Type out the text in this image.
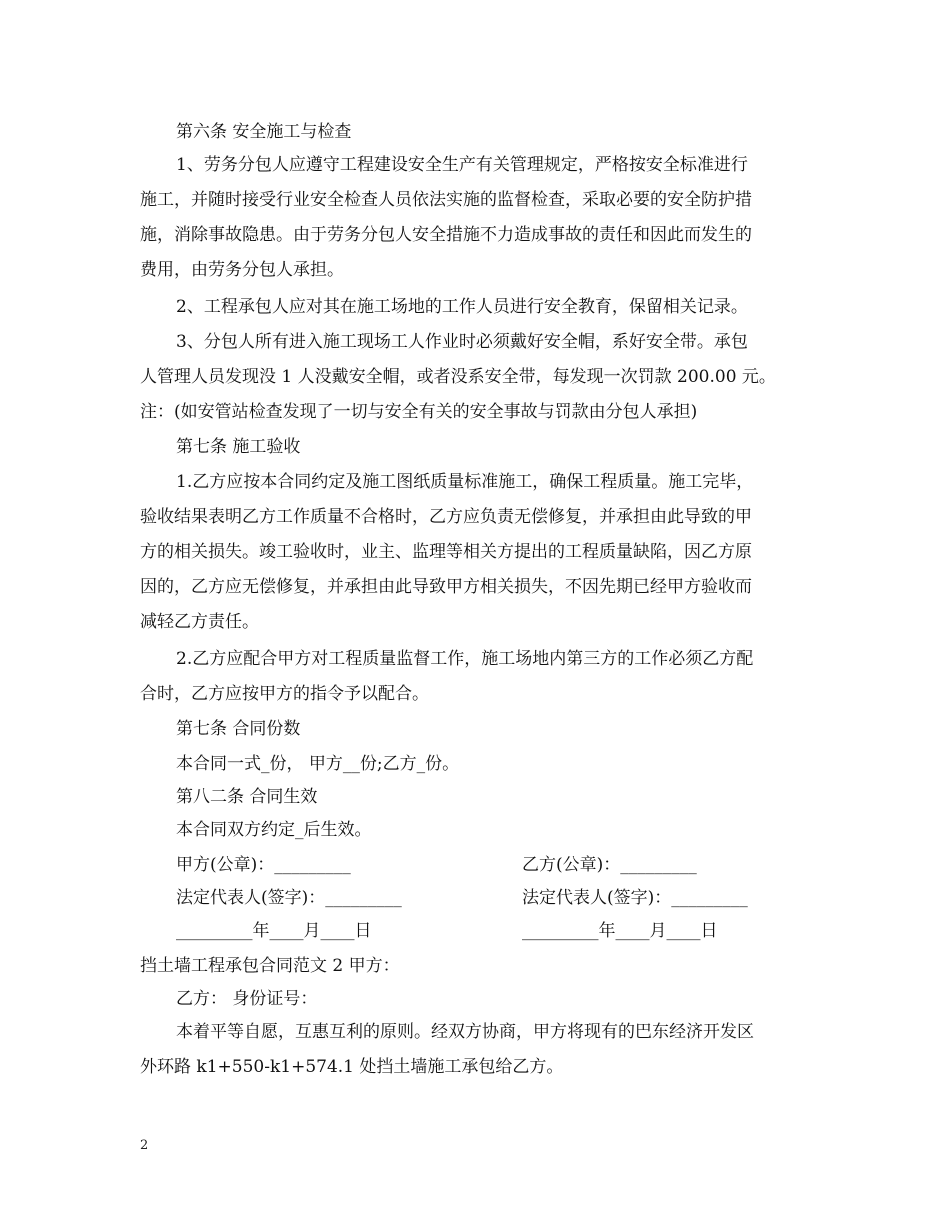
第六条 安全施工与检查
1、劳务分包人应遵守工程建设安全生产有关管理规定，严格按安全标准进行
施工，并随时接受行业安全检查人员依法实施的监督检查，采取必要的安全防护措
施，消除事故隐患。由于劳务分包人安全措施不力造成事故的责任和因此而发生的
费用，由劳务分包人承担。
2、工程承包人应对其在施工场地的工作人员进行安全教育，保留相关记录。
3、分包人所有进入施工现场工人作业时必须戴好安全帽，系好安全带。承包
人管理人员发现没 1 人没戴安全帽，或者没系安全带，每发现一次罚款 200.00 元。
注：(如安管站检查发现了一切与安全有关的安全事故与罚款由分包人承担)
第七条 施工验收
1.乙方应按本合同约定及施工图纸质量标准施工，确保工程质量。施工完毕，
验收结果表明乙方工作质量不合格时，乙方应负责无偿修复，并承担由此导致的甲
方的相关损失。竣工验收时，业主、监理等相关方提出的工程质量缺陷，因乙方原
因的，乙方应无偿修复，并承担由此导致甲方相关损失，不因先期已经甲方验收而
减轻乙方责任。
2.乙方应配合甲方对工程质量监督工作，施工场地内第三方的工作必须乙方配
合时，乙方应按甲方的指令予以配合。
第七条 合同份数
本合同一式_份， 甲方__份;乙方_份。
第八二条 合同生效
本合同双方约定_后生效。
甲方(公章)：_________	乙方(公章)：_________
法定代表人(签字)：_________	法定代表人(签字)：_________
_________年____月____日	_________年____月____日
挡土墙工程承包合同范文 2 甲方：
乙方： 身份证号：
本着平等自愿，互惠互利的原则。经双方协商，甲方将现有的巴东经济开发区
外环路 k1+550-k1+574.1 处挡土墙施工承包给乙方。
2
